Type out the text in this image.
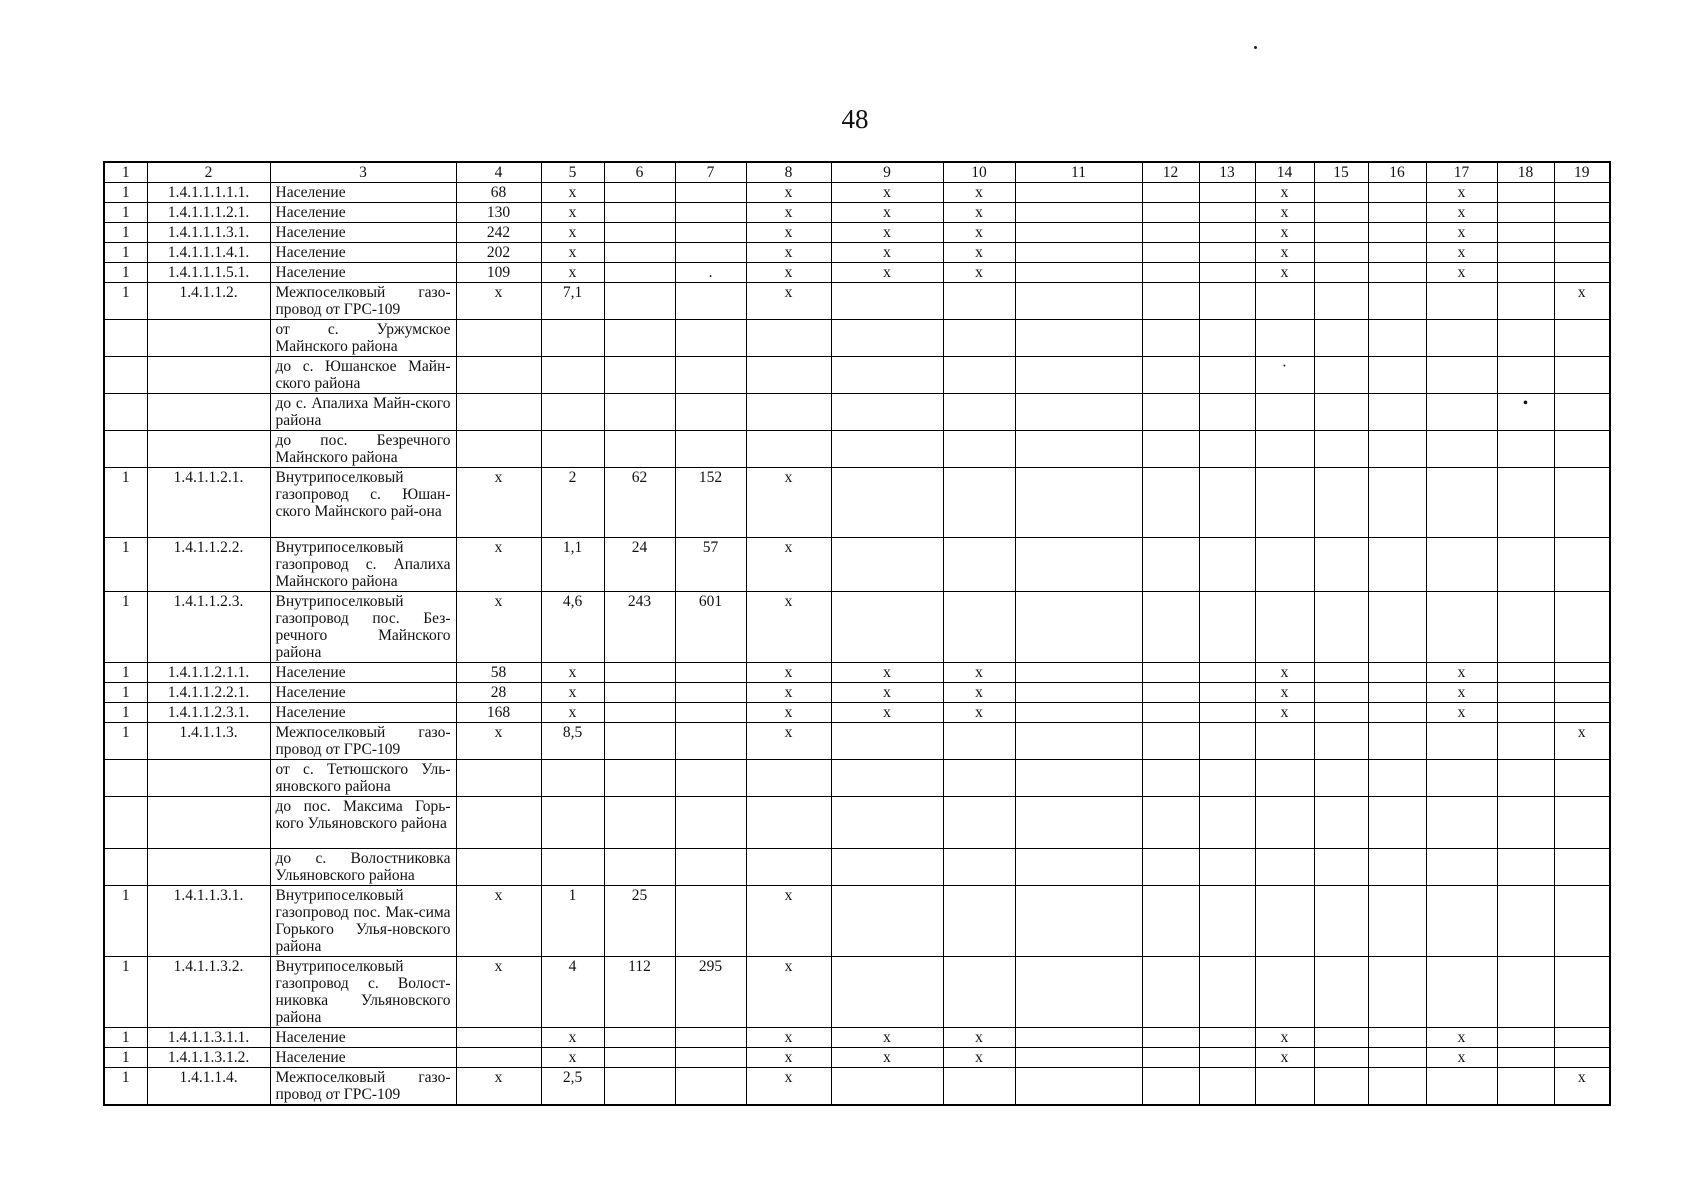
48
1	2	3	4	5	6	7	8	9	10	11	12	13	14	15	16	17	18	19
1	1.4.1.1.1.1.1.	Население	68	х			х	х	х				х			х		
1	1.4.1.1.1.2.1.	Население	130	х			х	х	х				х			х		
1	1.4.1.1.1.3.1.	Население	242	х			х	х	х				х			х		
1	1.4.1.1.1.4.1.	Население	202	х			х	х	х				х			х		
1	1.4.1.1.1.5.1.	Население	109	х		.	х	х	х				х			х		
1	1.4.1.1.2.	Межпоселковый газо-провод от ГРС-109	х	7,1			х											х
		от с. Уржумское Майнского района																
		до с. Юшанское Майн-ского района											·					
		до с. Апалиха Майн-ского района															•	
		до пос. Безречного Майнского района																
1	1.4.1.1.2.1.	Внутрипоселковый газопровод с. Юшан-ского Майнского рай-она	х	2	62	152	х											
1	1.4.1.1.2.2.	Внутрипоселковый газопровод с. Апалиха Майнского района	х	1,1	24	57	х											
1	1.4.1.1.2.3.	Внутрипоселковый газопровод пос. Без-речного Майнского района	х	4,6	243	601	х											
1	1.4.1.1.2.1.1.	Население	58	х			х	х	х				х			х		
1	1.4.1.1.2.2.1.	Население	28	х			х	х	х				х			х		
1	1.4.1.1.2.3.1.	Население	168	х			х	х	х				х			х		
1	1.4.1.1.3.	Межпоселковый газо-провод от ГРС-109	х	8,5			х											х
		от с. Тетюшского Уль-яновского района																
		до пос. Максима Горь-кого Ульяновского района																
		до с. Волостниковка Ульяновского района																
1	1.4.1.1.3.1.	Внутрипоселковый газопровод пос. Мак-сима Горького Улья-новского района	х	1	25		х											
1	1.4.1.1.3.2.	Внутрипоселковый газопровод с. Волост-никовка Ульяновского района	х	4	112	295	х											
1	1.4.1.1.3.1.1.	Население		х			х	х	х				х			х		
1	1.4.1.1.3.1.2.	Население		х			х	х	х				х			х		
1	1.4.1.1.4.	Межпоселковый газо-провод от ГРС-109	х	2,5			х											х
